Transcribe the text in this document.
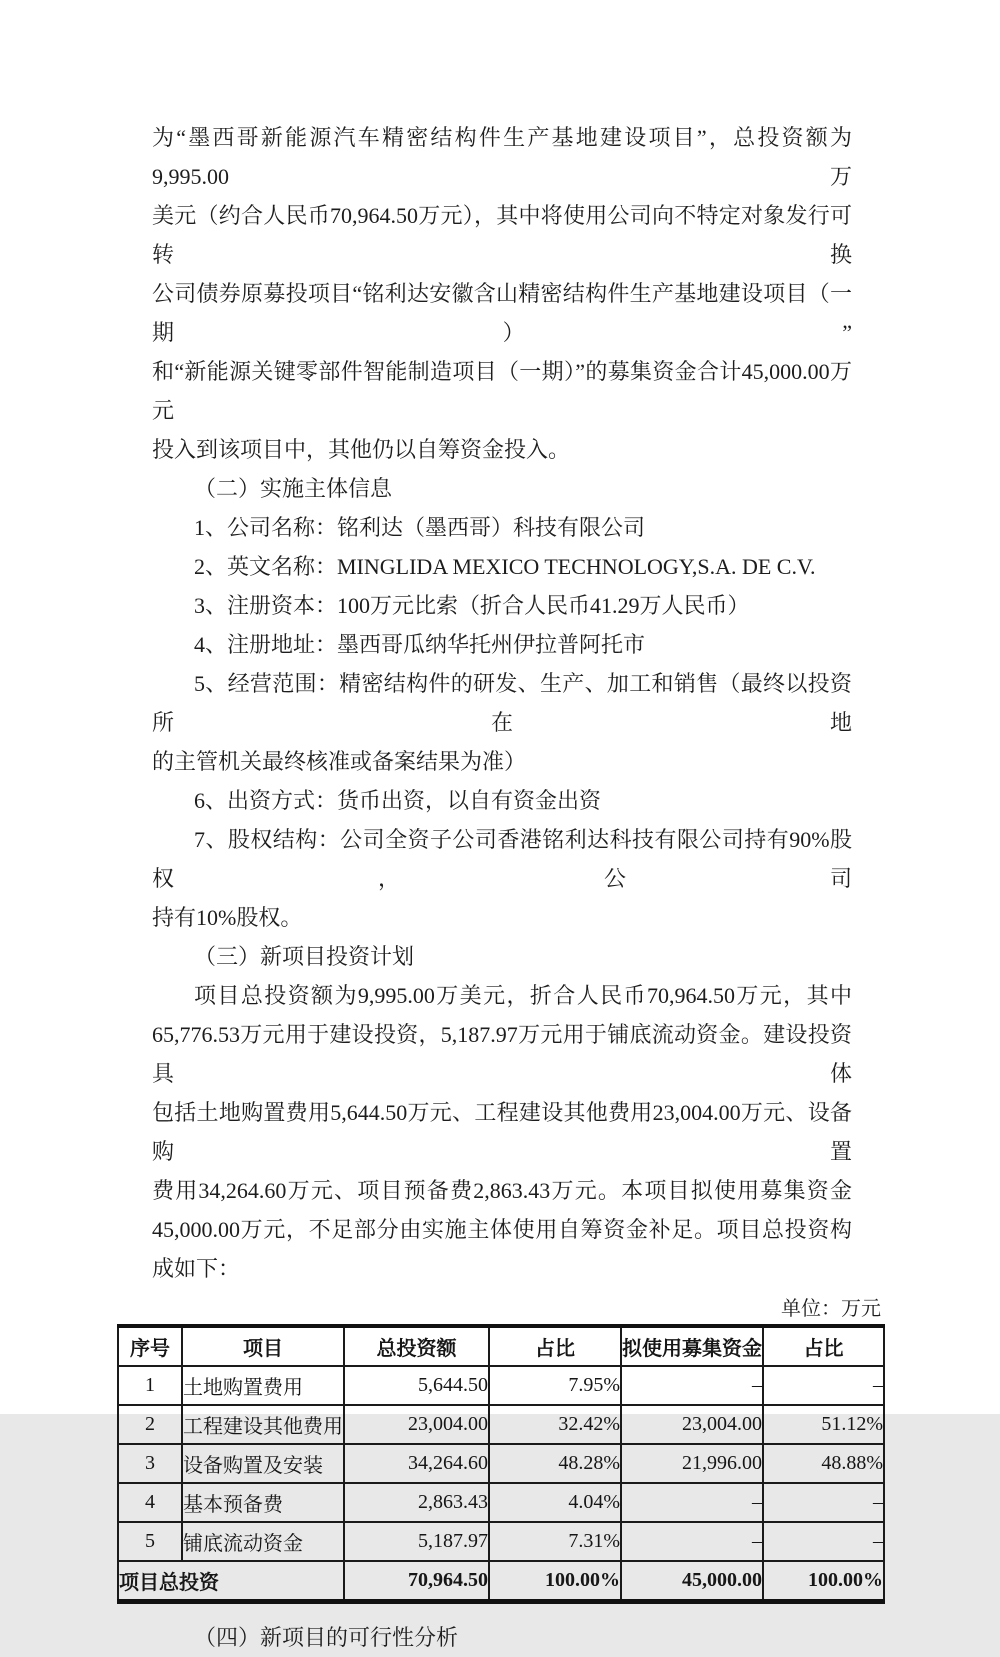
为“墨西哥新能源汽车精密结构件生产基地建设项目”，总投资额为9,995.00万
美元（约合人民币70,964.50万元），其中将使用公司向不特定对象发行可转换
公司债券原募投项目“铭利达安徽含山精密结构件生产基地建设项目（一期）”
和“新能源关键零部件智能制造项目（一期）”的募集资金合计45,000.00万元
投入到该项目中，其他仍以自筹资金投入。
（二）实施主体信息
1、公司名称：铭利达（墨西哥）科技有限公司
2、英文名称：MINGLIDA MEXICO TECHNOLOGY,S.A. DE C.V.
3、注册资本：100万元比索（折合人民币41.29万人民币）
4、注册地址：墨西哥瓜纳华托州伊拉普阿托市
5、经营范围：精密结构件的研发、生产、加工和销售（最终以投资所在地
的主管机关最终核准或备案结果为准）
6、出资方式：货币出资，以自有资金出资
7、股权结构：公司全资子公司香港铭利达科技有限公司持有90%股权，公司
持有10%股权。
（三）新项目投资计划
项目总投资额为9,995.00万美元，折合人民币70,964.50万元，其中
65,776.53万元用于建设投资，5,187.97万元用于铺底流动资金。建设投资具体
包括土地购置费用5,644.50万元、工程建设其他费用23,004.00万元、设备购置
费用34,264.60万元、项目预备费2,863.43万元。本项目拟使用募集资金
45,000.00万元，不足部分由实施主体使用自筹资金补足。项目总投资构成如下：
单位：万元
序号	项目	总投资额	占比	拟使用募集资金	占比
1	土地购置费用	5,644.50	7.95%	–	–
2	工程建设其他费用	23,004.00	32.42%	23,004.00	51.12%
3	设备购置及安装	34,264.60	48.28%	21,996.00	48.88%
4	基本预备费	2,863.43	4.04%	–	–
5	铺底流动资金	5,187.97	7.31%	–	–
项目总投资		70,964.50	100.00%	45,000.00	100.00%
（四）新项目的可行性分析
